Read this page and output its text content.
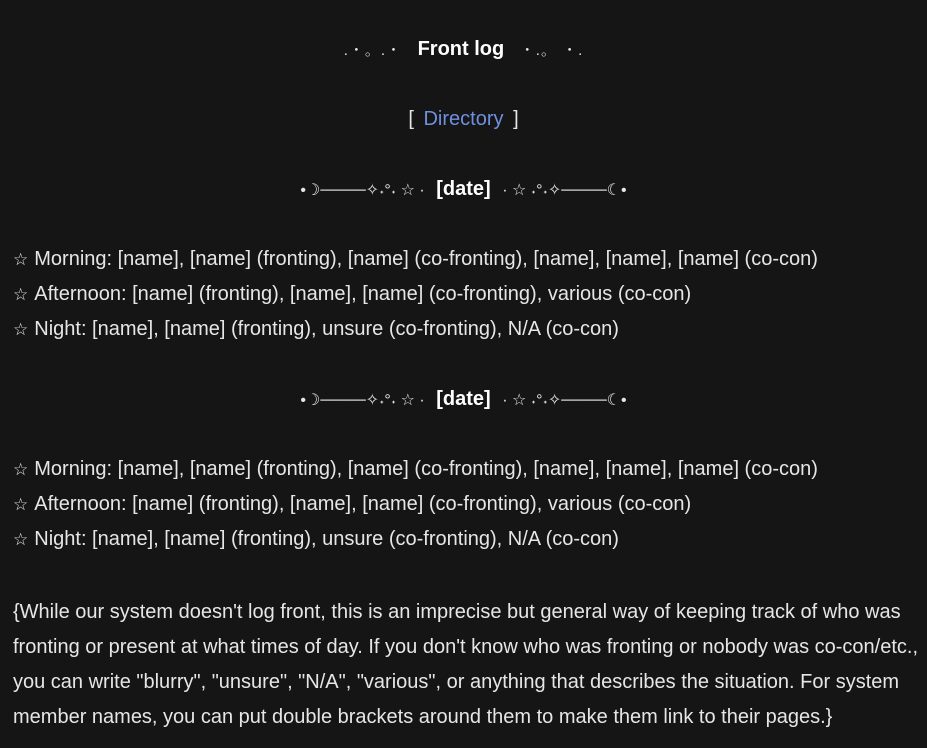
.・。.・ Front log ・.。 ・.
[ Directory ]
•☽────✧˖°˖ ☆ · [date] · ☆ ˖°˖✧────☾•
☆ Morning: [name], [name] (fronting), [name] (co-fronting), [name], [name], [name] (co-con)
☆ Afternoon: [name] (fronting), [name], [name] (co-fronting), various (co-con)
☆ Night: [name], [name] (fronting), unsure (co-fronting), N/A (co-con)
•☽────✧˖°˖ ☆ · [date] · ☆ ˖°˖✧────☾•
☆ Morning: [name], [name] (fronting), [name] (co-fronting), [name], [name], [name] (co-con)
☆ Afternoon: [name] (fronting), [name], [name] (co-fronting), various (co-con)
☆ Night: [name], [name] (fronting), unsure (co-fronting), N/A (co-con)
{While our system doesn't log front, this is an imprecise but general way of keeping track of who was
fronting or present at what times of day. If you don't know who was fronting or nobody was co-con/etc.,
you can write "blurry", "unsure", "N/A", "various", or anything that describes the situation. For system
member names, you can put double brackets around them to make them link to their pages.}
